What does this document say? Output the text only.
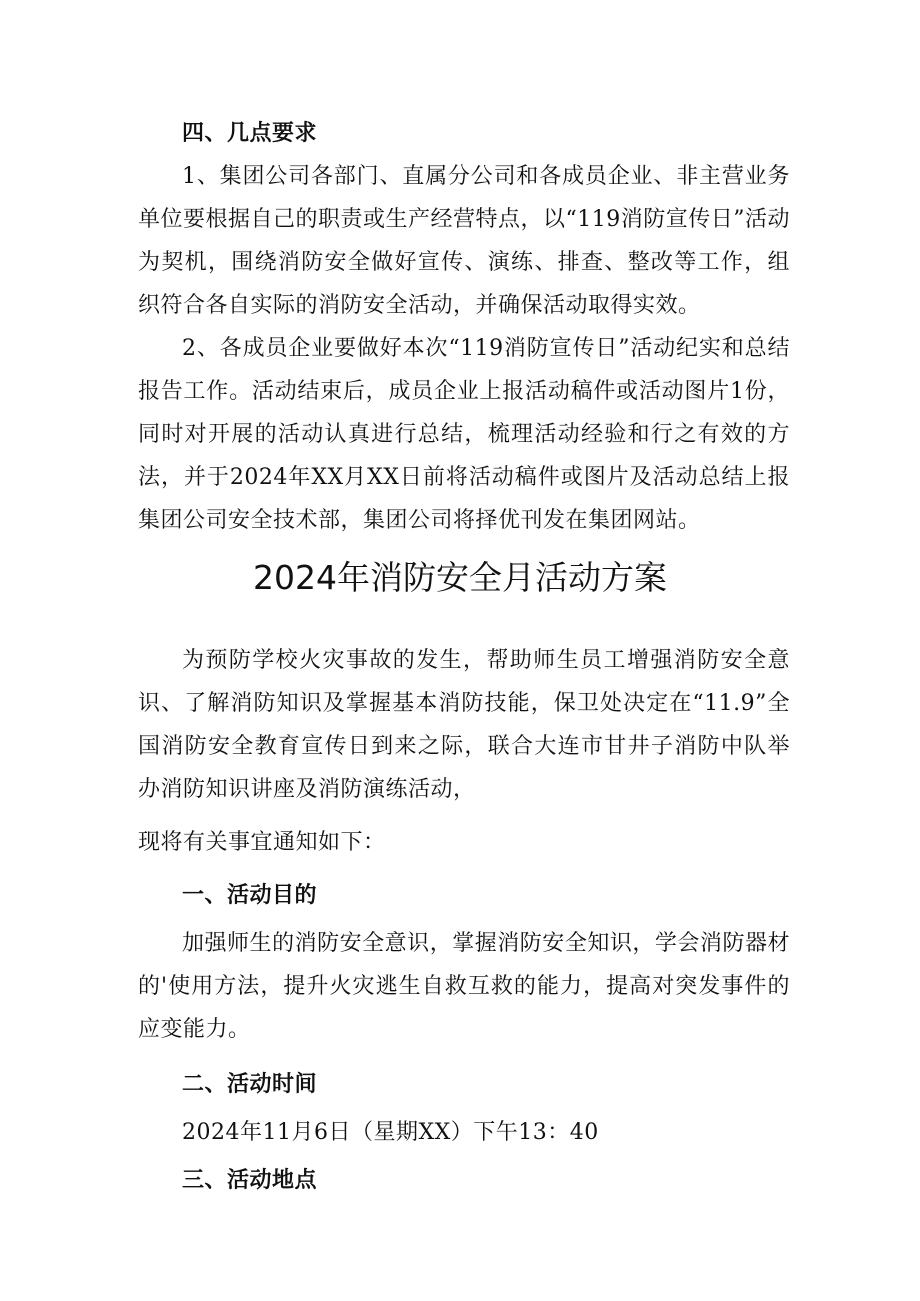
四、几点要求

1、集团公司各部门、直属分公司和各成员企业、非主营业务单位要根据自己的职责或生产经营特点，以“119消防宣传日”活动为契机，围绕消防安全做好宣传、演练、排查、整改等工作，组织符合各自实际的消防安全活动，并确保活动取得实效。

2、各成员企业要做好本次“119消防宣传日”活动纪实和总结报告工作。活动结束后，成员企业上报活动稿件或活动图片1份，同时对开展的活动认真进行总结，梳理活动经验和行之有效的方法，并于2024年XX月XX日前将活动稿件或图片及活动总结上报集团公司安全技术部，集团公司将择优刊发在集团网站。

2024年消防安全月活动方案

为预防学校火灾事故的发生，帮助师生员工增强消防安全意识、了解消防知识及掌握基本消防技能，保卫处决定在“11.9”全国消防安全教育宣传日到来之际，联合大连市甘井子消防中队举办消防知识讲座及消防演练活动，

现将有关事宜通知如下：

一、活动目的

加强师生的消防安全意识，掌握消防安全知识，学会消防器材的'使用方法，提升火灾逃生自救互救的能力，提高对突发事件的应变能力。

二、活动时间

2024年11月6日（星期XX）下午13：40

三、活动地点
